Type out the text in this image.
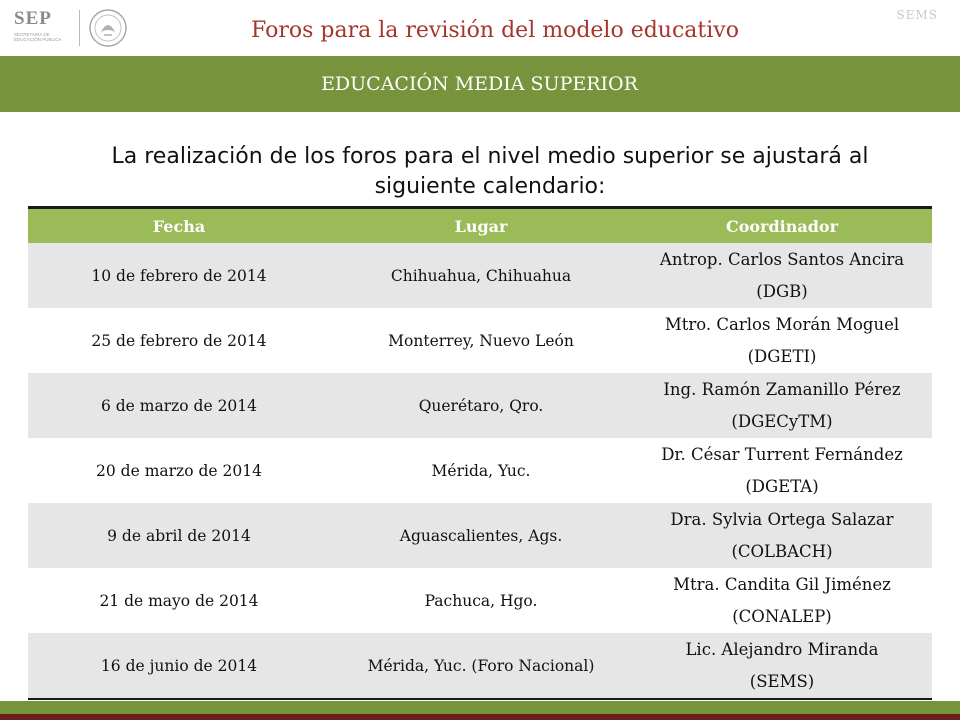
SEP
SECRETARÍA DE EDUCACIÓN PÚBLICA	Foros para la revisión del modelo educativo
SEMS
EDUCACIÓN MEDIA SUPERIOR
La realización de los foros para el nivel medio superior se ajustará al siguiente calendario:
Fecha	Lugar	Coordinador
10 de febrero de 2014	Chihuahua, Chihuahua	Antrop. Carlos Santos Ancira
(DGB)
25 de febrero de 2014	Monterrey, Nuevo León	Mtro. Carlos Morán Moguel
(DGETI)
6 de marzo de 2014	Querétaro, Qro.	Ing. Ramón Zamanillo Pérez
(DGECyTM)
20 de marzo de 2014	Mérida, Yuc.	Dr. César Turrent Fernández
(DGETA)
9 de abril de 2014	Aguascalientes, Ags.	Dra. Sylvia Ortega Salazar
(COLBACH)
21 de mayo de 2014	Pachuca, Hgo.	Mtra. Candita Gil Jiménez
(CONALEP)
16 de junio de 2014	Mérida, Yuc. (Foro Nacional)	Lic. Alejandro Miranda
(SEMS)
